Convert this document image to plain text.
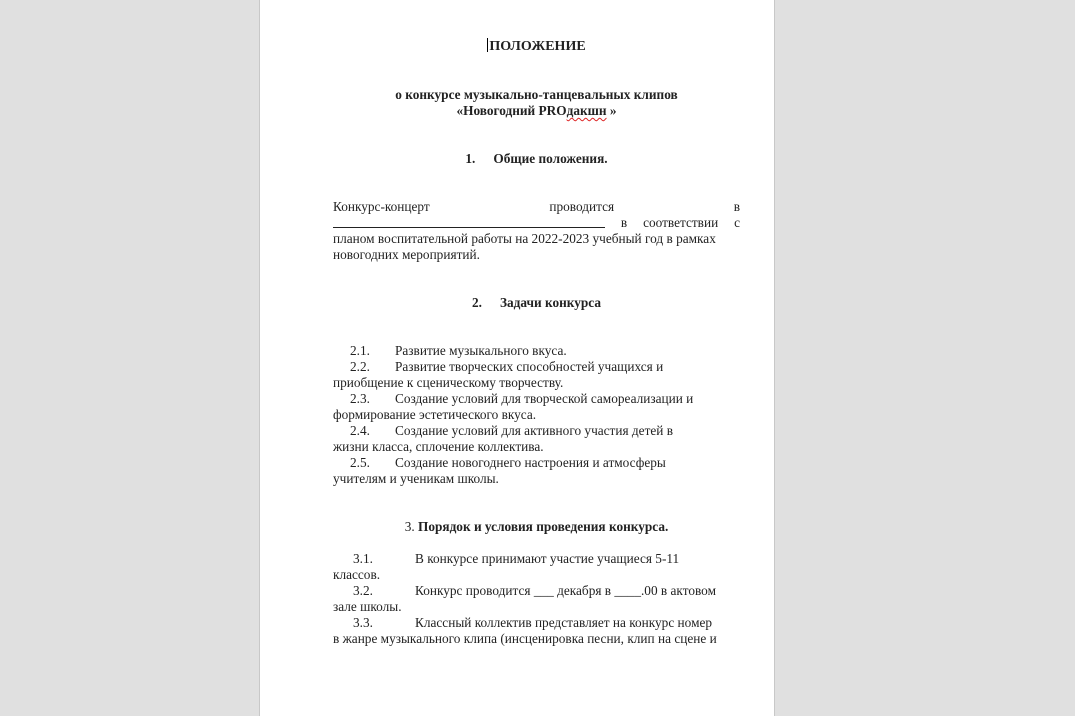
ПОЛОЖЕНИЕ
о конкурсе музыкально-танцевальных клипов
«Новогодний PROдакшн »
1. Общие положения.
Конкурс-концерт	проводится	в
в соответствии с
планом воспитательной работы на 2022-2023 учебный год в рамках
новогодних мероприятий.
2. Задачи конкурса
2.1. Развитие музыкального вкуса.
2.2. Развитие творческих способностей учащихся и
приобщение к сценическому творчеству.
2.3. Создание условий для творческой самореализации и
формирование эстетического вкуса.
2.4. Создание условий для активного участия детей в
жизни класса, сплочение коллектива.
2.5. Создание новогоднего настроения и атмосферы
учителям и ученикам школы.
3. Порядок и условия проведения конкурса.
3.1.	В конкурсе принимают участие учащиеся 5-11
классов.
3.2.	Конкурс проводится ___ декабря в ____.00 в актовом
зале школы.
3.3.	Классный коллектив представляет на конкурс номер
в жанре музыкального клипа (инсценировка песни, клип на сцене и
